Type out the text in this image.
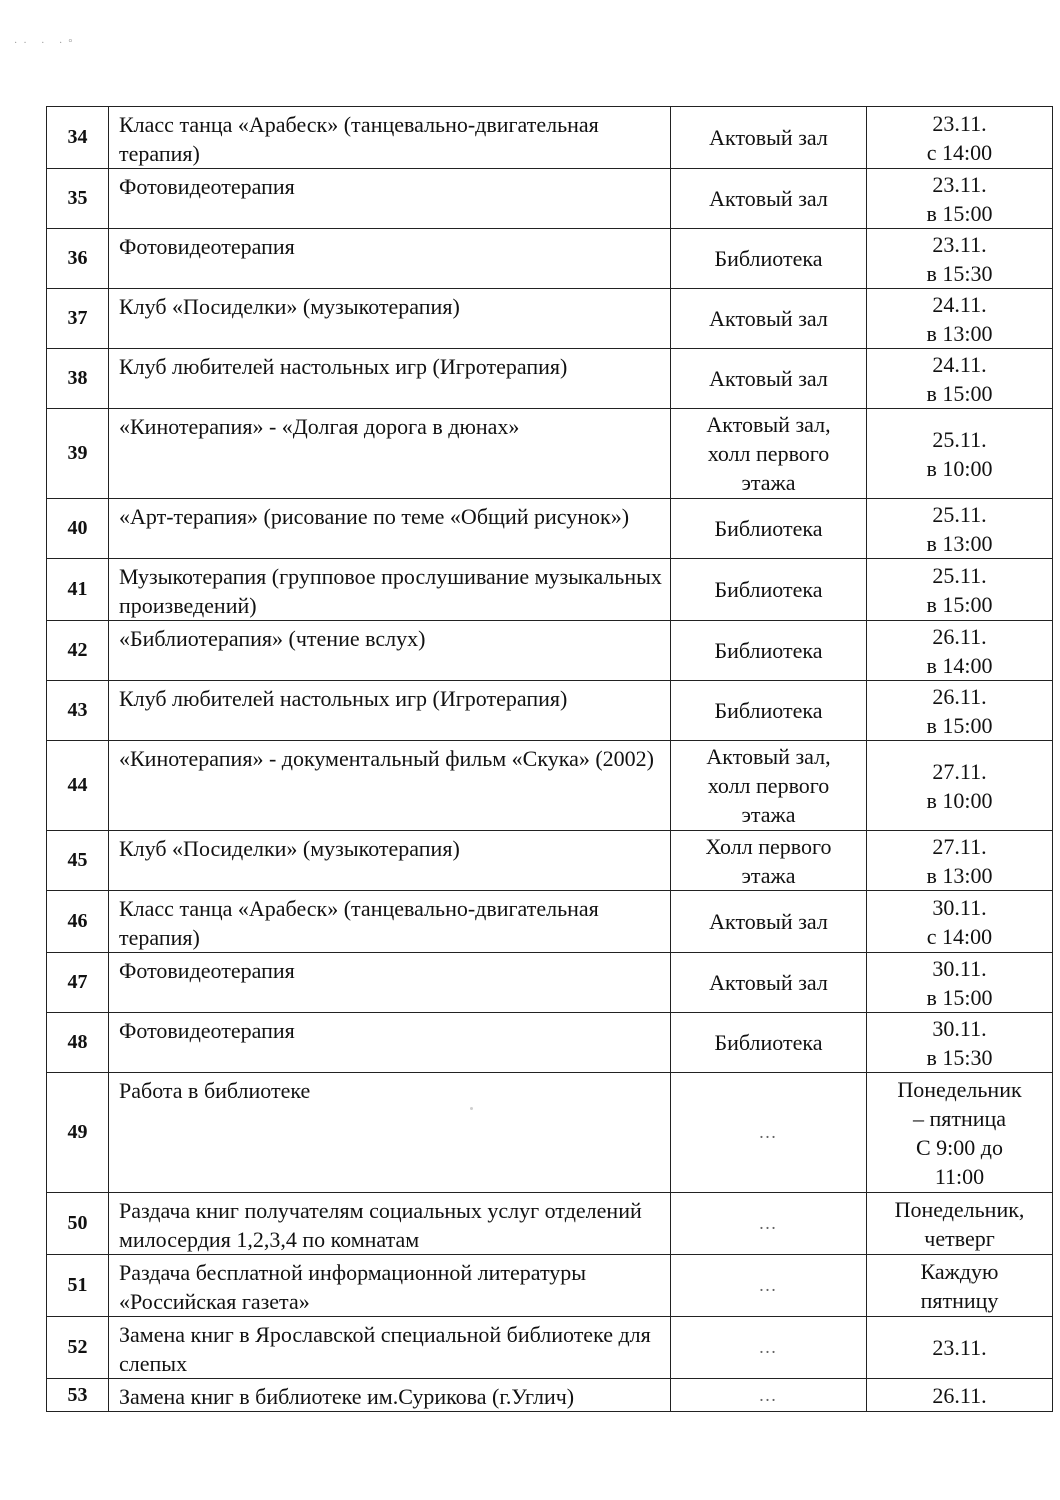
·· · ·°
34	Класс танца «Арабеск» (танцевально-двигательная терапия)	Актовый зал	23.11.
с 14:00
35	Фотовидеотерапия	Актовый зал	23.11.
в 15:00
36	Фотовидеотерапия	Библиотека	23.11.
в 15:30
37	Клуб «Посиделки» (музыкотерапия)	Актовый зал	24.11.
в 13:00
38	Клуб любителей настольных игр (Игротерапия)	Актовый зал	24.11.
в 15:00
39	«Кинотерапия» - «Долгая дорога в дюнах»	Актовый зал,
холл первого
этажа	25.11.
в 10:00
40	«Арт-терапия» (рисование по теме «Общий рисунок»)	Библиотека	25.11.
в 13:00
41	Музыкотерапия (групповое прослушивание музыкальных произведений)	Библиотека	25.11.
в 15:00
42	«Библиотерапия» (чтение вслух)	Библиотека	26.11.
в 14:00
43	Клуб любителей настольных игр (Игротерапия)	Библиотека	26.11.
в 15:00
44	«Кинотерапия» - документальный фильм «Скука» (2002)	Актовый зал,
холл первого
этажа	27.11.
в 10:00
45	Клуб «Посиделки» (музыкотерапия)	Холл первого
этажа	27.11.
в 13:00
46	Класс танца «Арабеск» (танцевально-двигательная терапия)	Актовый зал	30.11.
с 14:00
47	Фотовидеотерапия	Актовый зал	30.11.
в 15:00
48	Фотовидеотерапия	Библиотека	30.11.
в 15:30
49	Работа в библиотеке	…	Понедельник
– пятница
С 9:00 до
11:00
50	Раздача книг получателям социальных услуг отделений милосердия 1,2,3,4 по комнатам	…	Понедельник,
четверг
51	Раздача бесплатной информационной литературы «Российская газета»	…	Каждую
пятницу
52	Замена книг в Ярославской специальной библиотеке для слепых	…	23.11.
53	Замена книг в библиотеке им.Сурикова (г.Углич)	…	26.11.
